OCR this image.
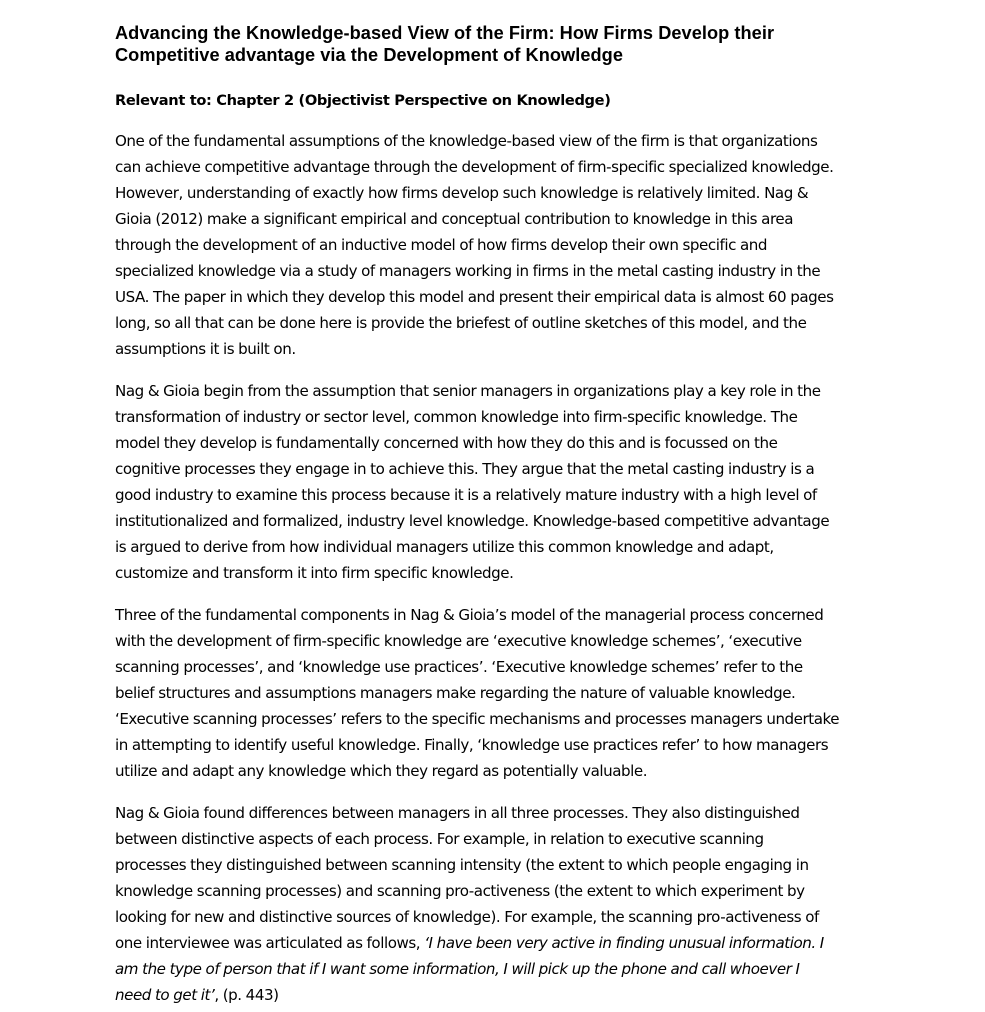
Advancing the Knowledge-based View of the Firm: How Firms Develop their
Competitive advantage via the Development of Knowledge

Relevant to: Chapter 2 (Objectivist Perspective on Knowledge)

One of the fundamental assumptions of the knowledge-based view of the firm is that organizations
can achieve competitive advantage through the development of firm-specific specialized knowledge.
However, understanding of exactly how firms develop such knowledge is relatively limited. Nag &
Gioia (2012) make a significant empirical and conceptual contribution to knowledge in this area
through the development of an inductive model of how firms develop their own specific and
specialized knowledge via a study of managers working in firms in the metal casting industry in the
USA. The paper in which they develop this model and present their empirical data is almost 60 pages
long, so all that can be done here is provide the briefest of outline sketches of this model, and the
assumptions it is built on.

Nag & Gioia begin from the assumption that senior managers in organizations play a key role in the
transformation of industry or sector level, common knowledge into firm-specific knowledge. The
model they develop is fundamentally concerned with how they do this and is focussed on the
cognitive processes they engage in to achieve this. They argue that the metal casting industry is a
good industry to examine this process because it is a relatively mature industry with a high level of
institutionalized and formalized, industry level knowledge. Knowledge-based competitive advantage
is argued to derive from how individual managers utilize this common knowledge and adapt,
customize and transform it into firm specific knowledge.

Three of the fundamental components in Nag & Gioia’s model of the managerial process concerned
with the development of firm-specific knowledge are ‘executive knowledge schemes’, ‘executive
scanning processes’, and ‘knowledge use practices’. ‘Executive knowledge schemes’ refer to the
belief structures and assumptions managers make regarding the nature of valuable knowledge.
‘Executive scanning processes’ refers to the specific mechanisms and processes managers undertake
in attempting to identify useful knowledge. Finally, ‘knowledge use practices refer’ to how managers
utilize and adapt any knowledge which they regard as potentially valuable.

Nag & Gioia found differences between managers in all three processes. They also distinguished
between distinctive aspects of each process. For example, in relation to executive scanning
processes they distinguished between scanning intensity (the extent to which people engaging in
knowledge scanning processes) and scanning pro-activeness (the extent to which experiment by
looking for new and distinctive sources of knowledge). For example, the scanning pro-activeness of
one interviewee was articulated as follows, ‘I have been very active in finding unusual information. I
am the type of person that if I want some information, I will pick up the phone and call whoever I
need to get it’, (p. 443)
